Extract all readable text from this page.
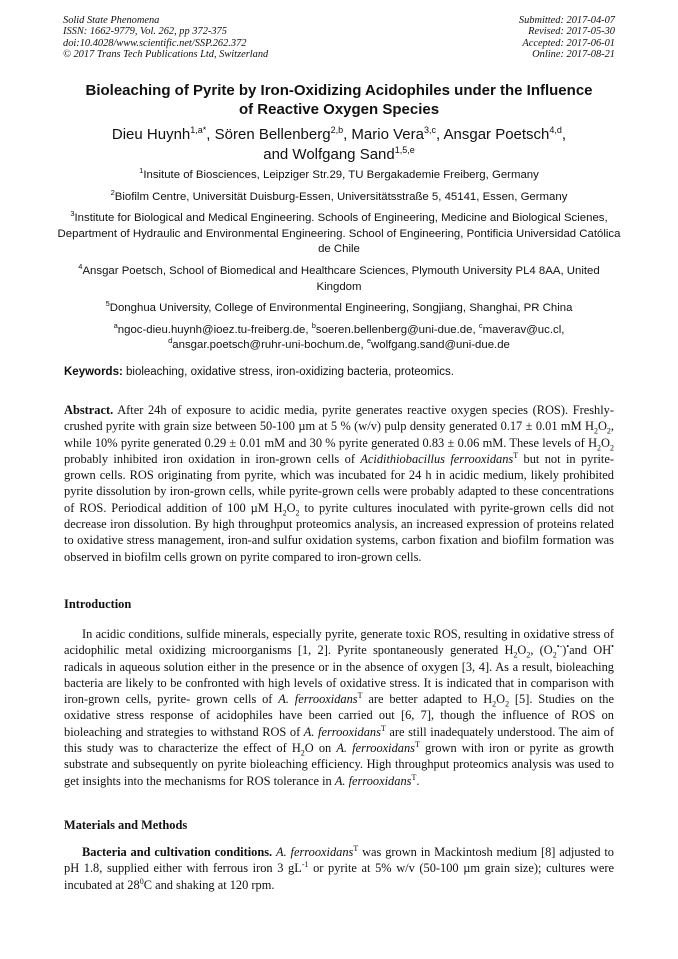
Solid State Phenomena
ISSN: 1662-9779, Vol. 262, pp 372-375
doi:10.4028/www.scientific.net/SSP.262.372
© 2017 Trans Tech Publications Ltd, Switzerland
Submitted: 2017-04-07
Revised: 2017-05-30
Accepted: 2017-06-01
Online: 2017-08-21
Bioleaching of Pyrite by Iron-Oxidizing Acidophiles under the Influence
of Reactive Oxygen Species
Dieu Huynh$^{1,a*}$, Sören Bellenberg$^{2,b}$, Mario Vera$^{3,c}$, Ansgar Poetsch$^{4,d}$,
and Wolfgang Sand$^{1,5,e}$

$^1$Insitute of Biosciences, Leipziger Str.29, TU Bergakademie Freiberg, Germany

$^2$Biofilm Centre, Universität Duisburg-Essen, Universitätsstraße 5, 45141, Essen, Germany

$^3$Institute for Biological and Medical Engineering. Schools of Engineering, Medicine and Biological Scienes, Department of Hydraulic and Environmental Engineering. School of Engineering, Pontificia Universidad Católica de Chile

$^4$Ansgar Poetsch, School of Biomedical and Healthcare Sciences, Plymouth University PL4 8AA, United Kingdom

$^5$Donghua University, College of Environmental Engineering, Songjiang, Shanghai, PR China

$^a$ngoc-dieu.huynh@ioez.tu-freiberg.de, $^b$soeren.bellenberg@uni-due.de, $^c$maverav@uc.cl,
$^d$ansgar.poetsch@ruhr-uni-bochum.de, $^e$wolfgang.sand@uni-due.de

Keywords: bioleaching, oxidative stress, iron-oxidizing bacteria, proteomics.

Abstract. After 24h of exposure to acidic media, pyrite generates reactive oxygen species (ROS). Freshly-crushed pyrite with grain size between 50-100 µm at 5 % (w/v) pulp density generated 0.17 ± 0.01 mM $H_2O_2$, while 10% pyrite generated 0.29 ± 0.01 mM and 30 % pyrite generated 0.83 ± 0.06 mM. These levels of $H_2O_2$ probably inhibited iron oxidation in iron-grown cells of Acidithiobacillus ferrooxidans$^T$ but not in pyrite-grown cells. ROS originating from pyrite, which was incubated for 24 h in acidic medium, likely prohibited pyrite dissolution by iron-grown cells, while pyrite-grown cells were probably adapted to these concentrations of ROS. Periodical addition of 100 µM $H_2O_2$ to pyrite cultures inoculated with pyrite-grown cells did not decrease iron dissolution. By high throughput proteomics analysis, an increased expression of proteins related to oxidative stress management, iron-and sulfur oxidation systems, carbon fixation and biofilm formation was observed in biofilm cells grown on pyrite compared to iron-grown cells.

Introduction

In acidic conditions, sulfide minerals, especially pyrite, generate toxic ROS, resulting in oxidative stress of acidophilic metal oxidizing microorganisms [1, 2]. Pyrite spontaneously generated $H_2O_2$, $(O_2^{•-})^•and$ OH• radicals in aqueous solution either in the presence or in the absence of oxygen [3, 4]. As a result, bioleaching bacteria are likely to be confronted with high levels of oxidative stress. It is indicated that in comparison with iron-grown cells, pyrite- grown cells of A. ferrooxidans$^T$ are better adapted to $H_2O_2$ [5]. Studies on the oxidative stress response of acidophiles have been carried out [6, 7], though the influence of ROS on bioleaching and strategies to withstand ROS of A. ferrooxidans$^T$ are still inadequately understood. The aim of this study was to characterize the effect of $H_2O$ on A. ferrooxidans$^T$ grown with iron or pyrite as growth substrate and subsequently on pyrite bioleaching efficiency. High throughput proteomics analysis was used to get insights into the mechanisms for ROS tolerance in A. ferrooxidans$^T$.

Materials and Methods

Bacteria and cultivation conditions. A. ferrooxidans$^T$ was grown in Mackintosh medium [8] adjusted to pH 1.8, supplied either with ferrous iron 3 $gL^{-1}$ or pyrite at 5% w/v (50-100 µm grain size); cultures were incubated at $28^0C$ and shaking at 120 rpm.
